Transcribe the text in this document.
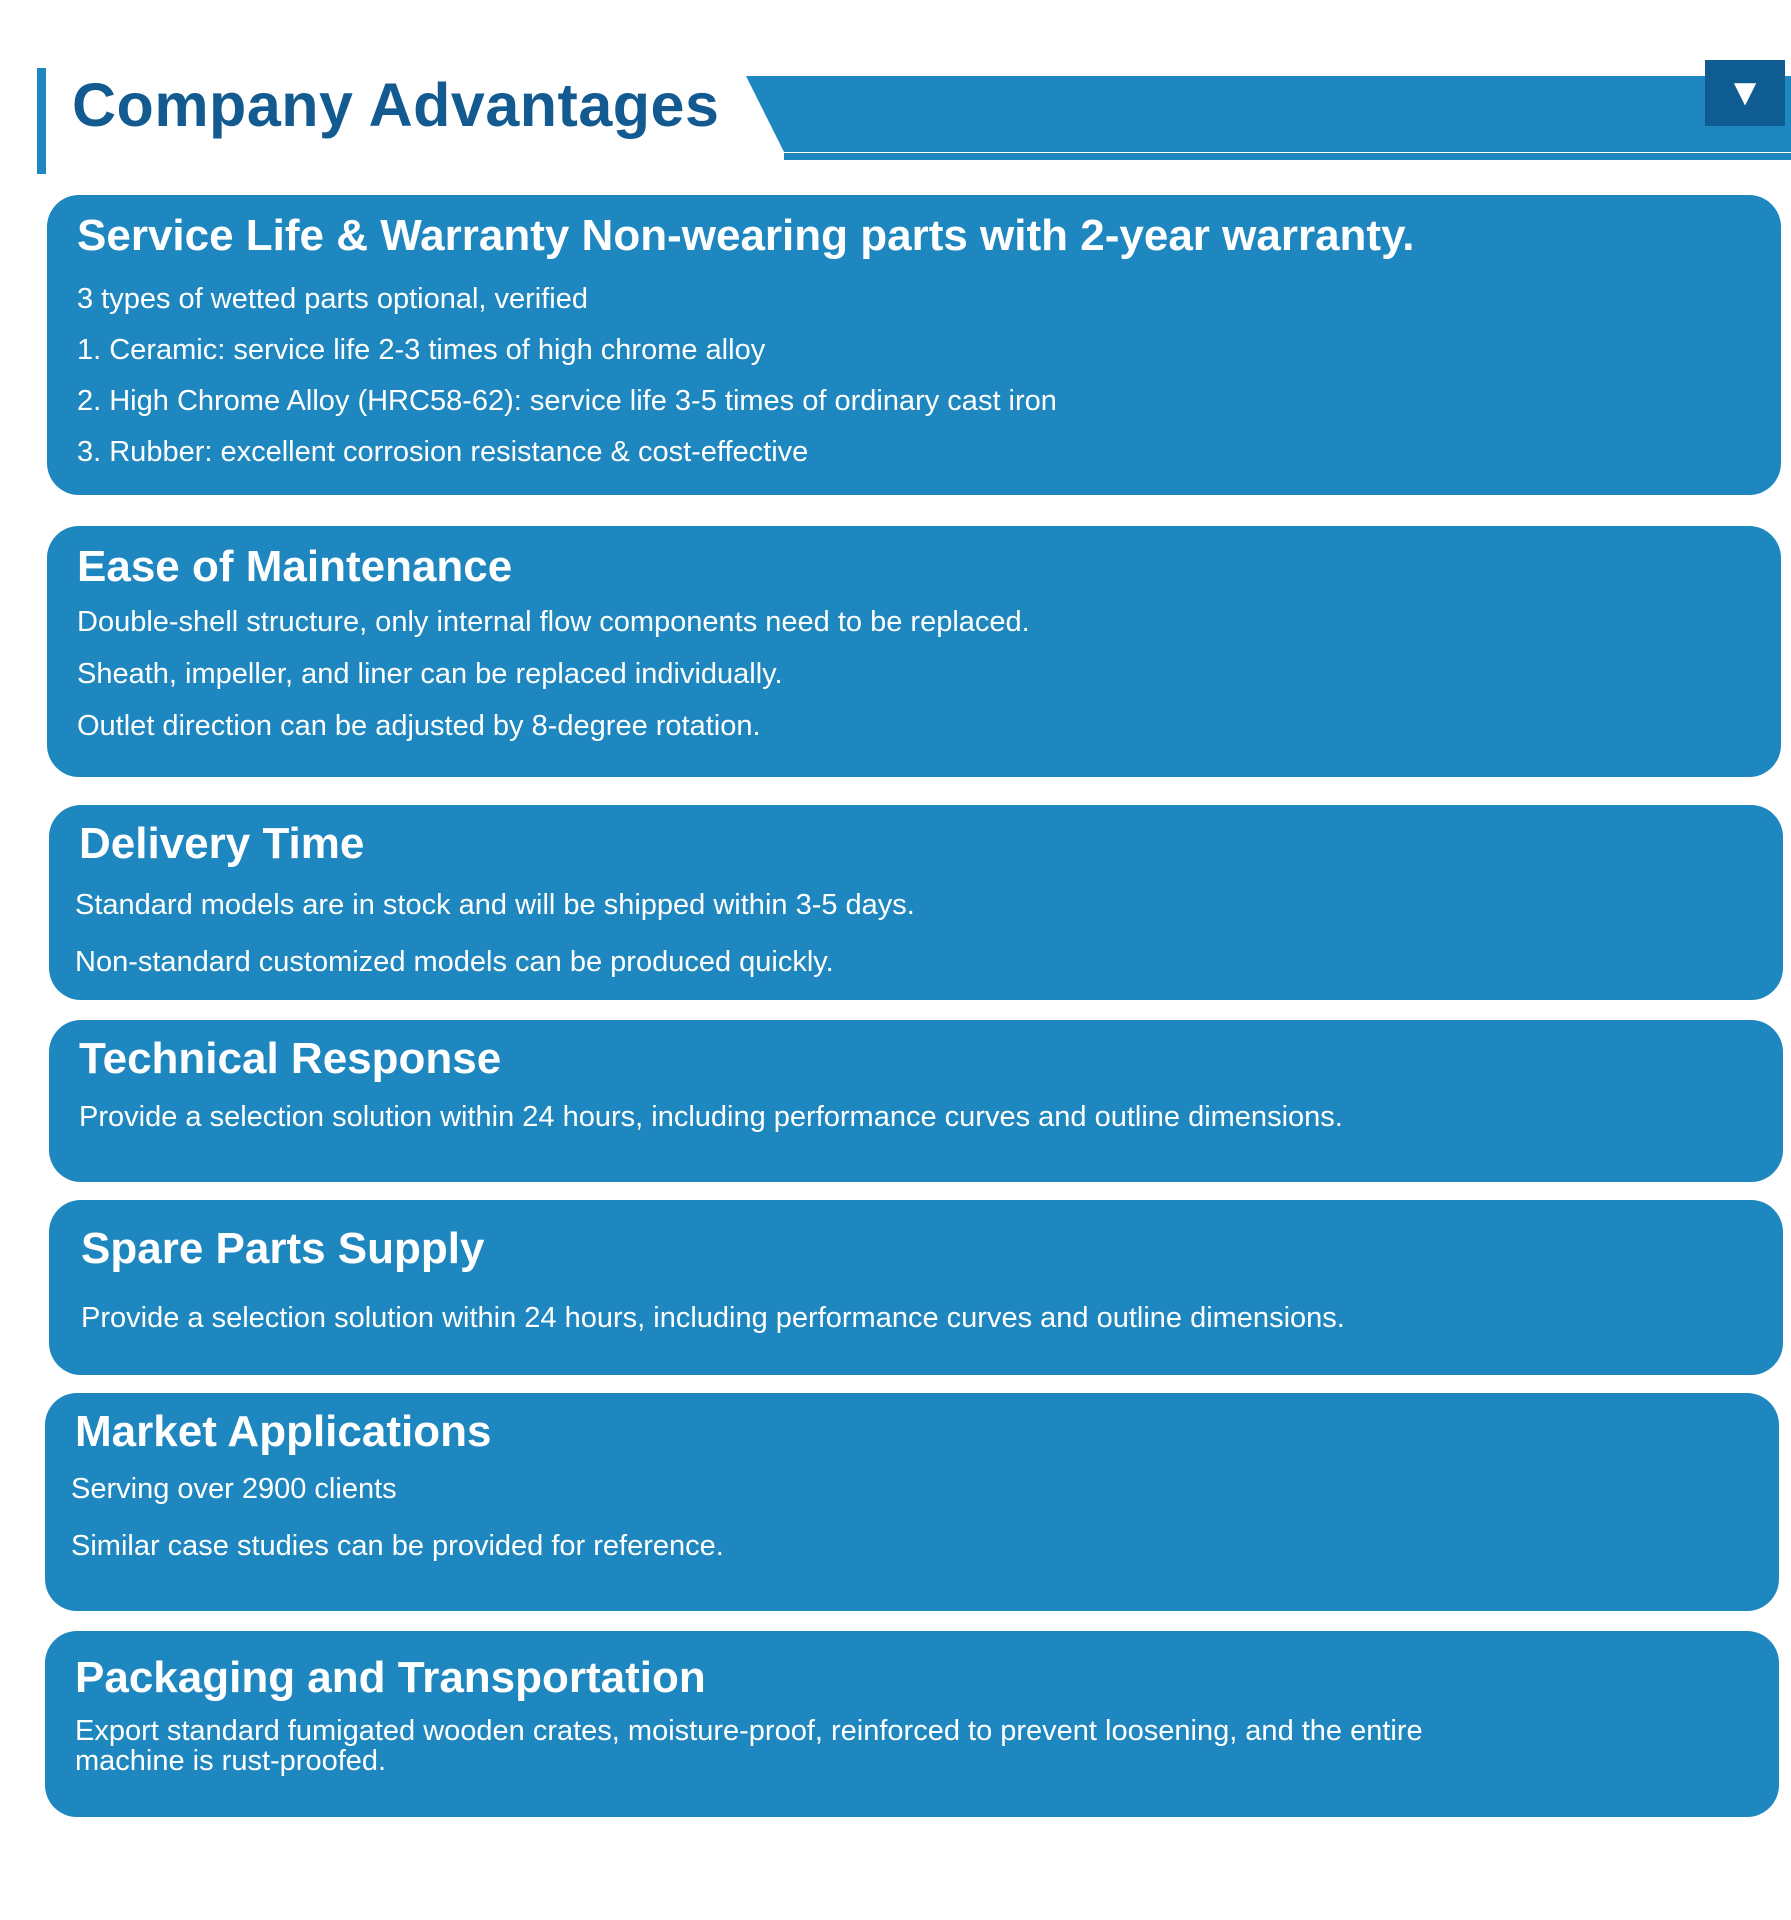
Company Advantages	▼
Service Life & Warranty Non-wearing parts with 2-year warranty.
3 types of wetted parts optional, verified
1. Ceramic: service life 2-3 times of high chrome alloy
2. High Chrome Alloy (HRC58-62): service life 3-5 times of ordinary cast iron
3. Rubber: excellent corrosion resistance & cost-effective
Ease of Maintenance
Double-shell structure, only internal flow components need to be replaced.
Sheath, impeller, and liner can be replaced individually.
Outlet direction can be adjusted by 8-degree rotation.
Delivery Time
Standard models are in stock and will be shipped within 3-5 days.
Non-standard customized models can be produced quickly.
Technical Response
Provide a selection solution within 24 hours, including performance curves and outline dimensions.
Spare Parts Supply
Provide a selection solution within 24 hours, including performance curves and outline dimensions.
Market Applications
Serving over 2900 clients
Similar case studies can be provided for reference.
Packaging and Transportation
Export standard fumigated wooden crates, moisture-proof, reinforced to prevent loosening, and the entire machine is rust-proofed.
